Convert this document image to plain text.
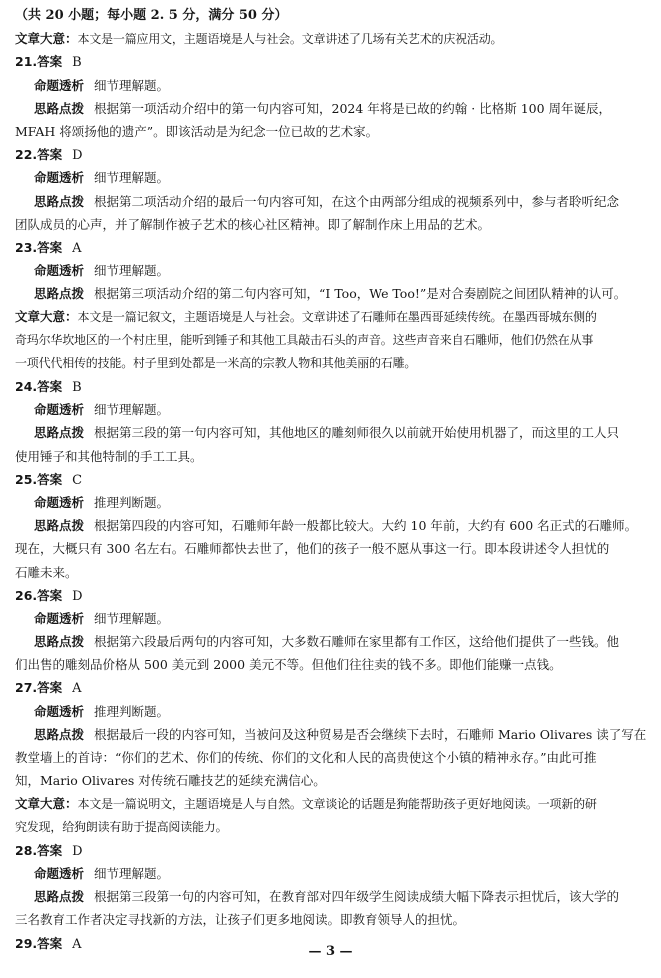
（共 20 小题；每小题 2. 5 分，满分 50 分）
文章大意：本文是一篇应用文，主题语境是人与社会。文章讲述了几场有关艺术的庆祝活动。
21.答案 B
命题透析 细节理解题。
思路点拨 根据第一项活动介绍中的第一句内容可知，2024 年将是已故的约翰 · 比格斯 100 周年诞辰，
MFAH 将颂扬他的遗产”。即该活动是为纪念一位已故的艺术家。
22.答案 D
命题透析 细节理解题。
思路点拨 根据第二项活动介绍的最后一句内容可知，在这个由两部分组成的视频系列中，参与者聆听纪念
团队成员的心声，并了解制作被子艺术的核心社区精神。即了解制作床上用品的艺术。
23.答案 A
命题透析 细节理解题。
思路点拨 根据第三项活动介绍的第二句内容可知，“I Too，We Too!”是对合奏剧院之间团队精神的认可。
文章大意：本文是一篇记叙文，主题语境是人与社会。文章讲述了石雕师在墨西哥延续传统。在墨西哥城东侧的
奇玛尔华坎地区的一个村庄里，能听到锤子和其他工具敲击石头的声音。这些声音来自石雕师，他们仍然在从事
一项代代相传的技能。村子里到处都是一米高的宗教人物和其他美丽的石雕。
24.答案 B
命题透析 细节理解题。
思路点拨 根据第三段的第一句内容可知，其他地区的雕刻师很久以前就开始使用机器了，而这里的工人只
使用锤子和其他特制的手工工具。
25.答案 C
命题透析 推理判断题。
思路点拨 根据第四段的内容可知，石雕师年龄一般都比较大。大约 10 年前，大约有 600 名正式的石雕师。
现在，大概只有 300 名左右。石雕师都快去世了，他们的孩子一般不愿从事这一行。即本段讲述令人担忧的
石雕未来。
26.答案 D
命题透析 细节理解题。
思路点拨 根据第六段最后两句的内容可知，大多数石雕师在家里都有工作区，这给他们提供了一些钱。他
们出售的雕刻品价格从 500 美元到 2000 美元不等。但他们往往卖的钱不多。即他们能赚一点钱。
27.答案 A
命题透析 推理判断题。
思路点拨 根据最后一段的内容可知，当被问及这种贸易是否会继续下去时，石雕师 Mario Olivares 读了写在
教堂墙上的首诗：“你们的艺术、你们的传统、你们的文化和人民的高贵使这个小镇的精神永存。”由此可推
知，Mario Olivares 对传统石雕技艺的延续充满信心。
文章大意：本文是一篇说明文，主题语境是人与自然。文章谈论的话题是狗能帮助孩子更好地阅读。一项新的研
究发现，给狗朗读有助于提高阅读能力。
28.答案 D
命题透析 细节理解题。
思路点拨 根据第三段第一句的内容可知，在教育部对四年级学生阅读成绩大幅下降表示担忧后，该大学的
三名教育工作者决定寻找新的方法，让孩子们更多地阅读。即教育领导人的担忧。
29.答案 A	— 3 —
